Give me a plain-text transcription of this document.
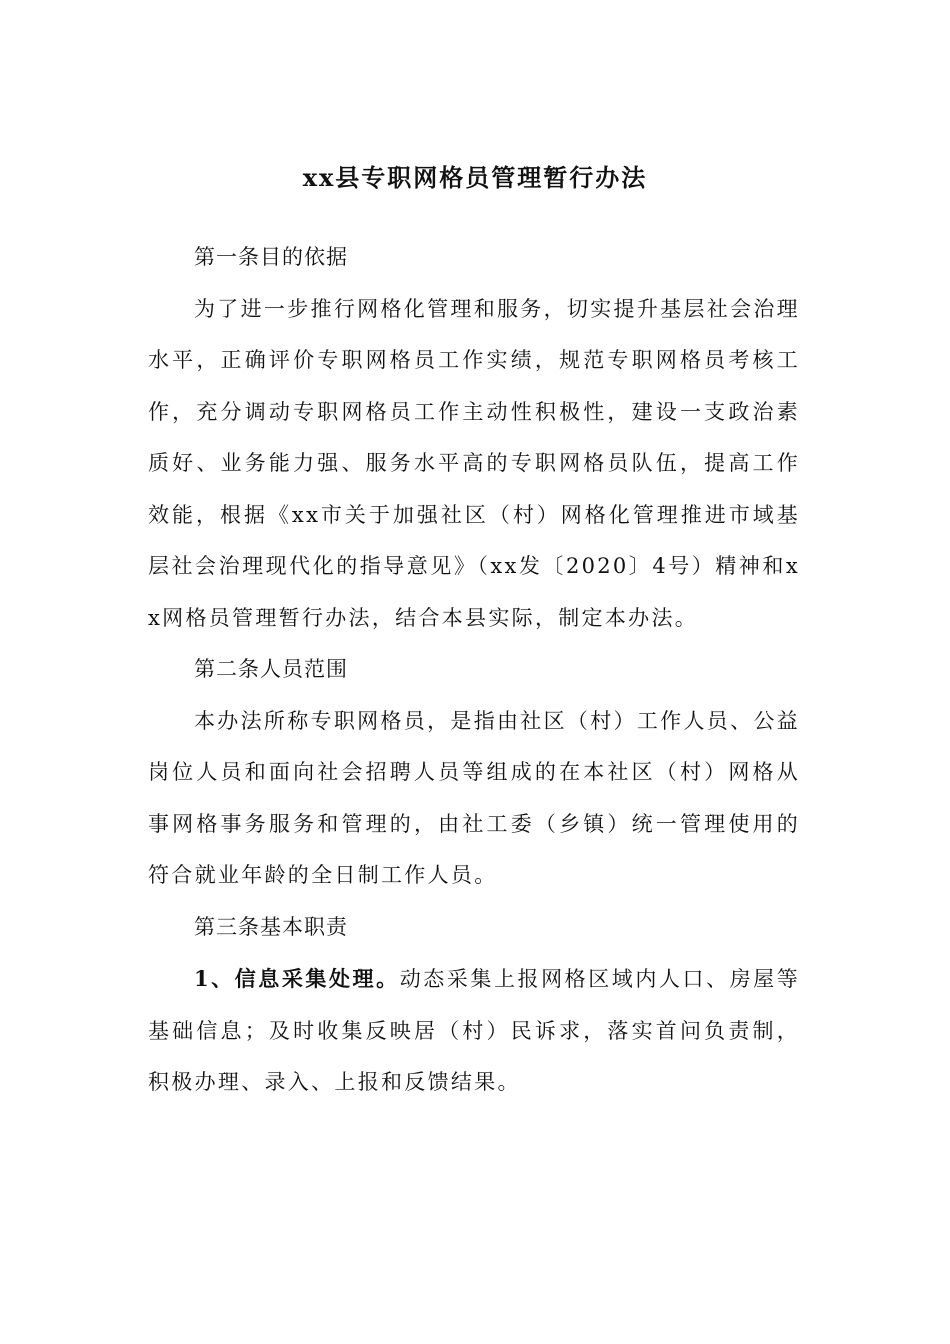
xx县专职网格员管理暂行办法

第一条目的依据

为了进一步推行网格化管理和服务，切实提升基层社会治理水平，正确评价专职网格员工作实绩，规范专职网格员考核工作，充分调动专职网格员工作主动性积极性，建设一支政治素质好、业务能力强、服务水平高的专职网格员队伍，提高工作效能，根据《xx市关于加强社区（村）网格化管理推进市域基层社会治理现代化的指导意见》（xx发〔2020〕4号）精神和xx网格员管理暂行办法，结合本县实际，制定本办法。

第二条人员范围

本办法所称专职网格员，是指由社区（村）工作人员、公益岗位人员和面向社会招聘人员等组成的在本社区（村）网格从事网格事务服务和管理的，由社工委（乡镇）统一管理使用的符合就业年龄的全日制工作人员。

第三条基本职责

1、信息采集处理。动态采集上报网格区域内人口、房屋等基础信息；及时收集反映居（村）民诉求，落实首问负责制，积极办理、录入、上报和反馈结果。
